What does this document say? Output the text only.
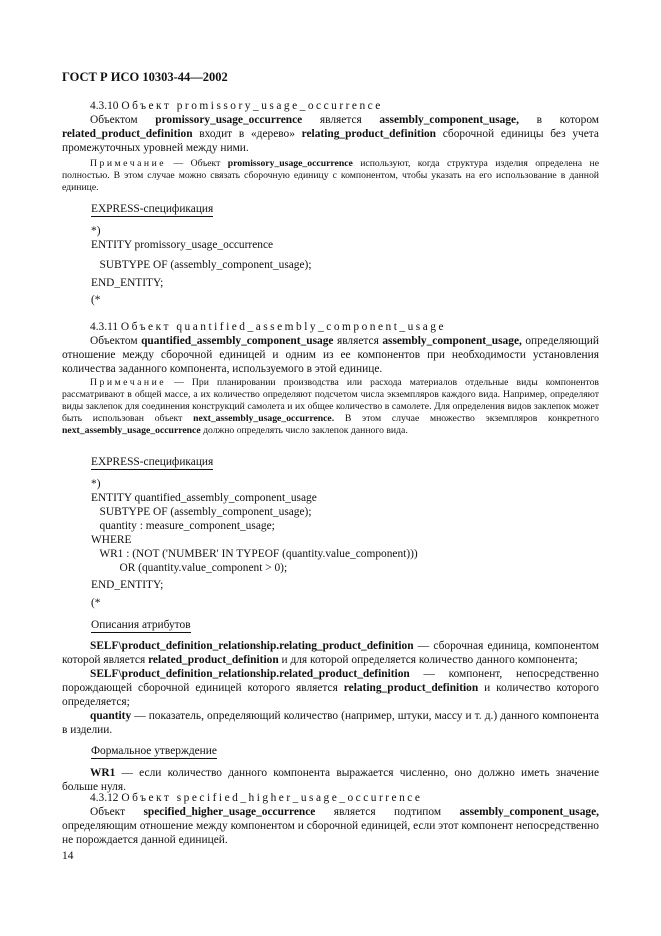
ГОСТ Р ИСО 10303-44—2002

4.3.10 Объект promissory_usage_occurrence

Объектом promissory_usage_occurrence является assembly_component_usage, в котором related_product_definition входит в «дерево» relating_product_definition сборочной единицы без учета промежуточных уровней между ними.

Примечание — Объект promissory_usage_occurrence используют, когда структура изделия определена не полностью. В этом случае можно связать сборочную единицу с компонентом, чтобы указать на его использование в данной единице.

EXPRESS-спецификация
*)
ENTITY promissory_usage_occurrence
SUBTYPE OF (assembly_component_usage);
END_ENTITY;
(*

4.3.11 Объект quantified_assembly_component_usage

Объектом quantified_assembly_component_usage является assembly_component_usage, определяющий отношение между сборочной единицей и одним из ее компонентов при необходимости установления количества заданного компонента, используемого в этой единице.

Примечание — При планировании производства или расхода материалов отдельные виды компонентов рассматривают в общей массе, а их количество определяют подсчетом числа экземпляров каждого вида. Например, определяют виды заклепок для соединения конструкций самолета и их общее количество в самолете. Для определения видов заклепок может быть использован объект next_assembly_usage_occurrence. В этом случае множество экземпляров конкретного next_assembly_usage_occurrence должно определять число заклепок данного вида.

EXPRESS-спецификация
*)
ENTITY quantified_assembly_component_usage
SUBTYPE OF (assembly_component_usage);
quantity : measure_component_usage;
WHERE
WR1 : (NOT ('NUMBER' IN TYPEOF (quantity.value_component)))
OR (quantity.value_component > 0);
END_ENTITY;
(*
Описания атрибутов

SELF\product_definition_relationship.relating_product_definition — сборочная единица, компонентом которой является related_product_definition и для которой определяется количество данного компонента;

SELF\product_definition_relationship.related_product_definition — компонент, непосредственно порождающей сборочной единицей которого является relating_product_definition и количество которого определяется;

quantity — показатель, определяющий количество (например, штуки, массу и т. д.) данного компонента в изделии.

Формальное утверждение

WR1 — если количество данного компонента выражается численно, оно должно иметь значение больше нуля.

4.3.12 Объект specified_higher_usage_occurrence

Объект specified_higher_usage_occurrence является подтипом assembly_component_usage, определяющим отношение между компонентом и сборочной единицей, если этот компонент непосредственно не порождается данной единицей.

14
